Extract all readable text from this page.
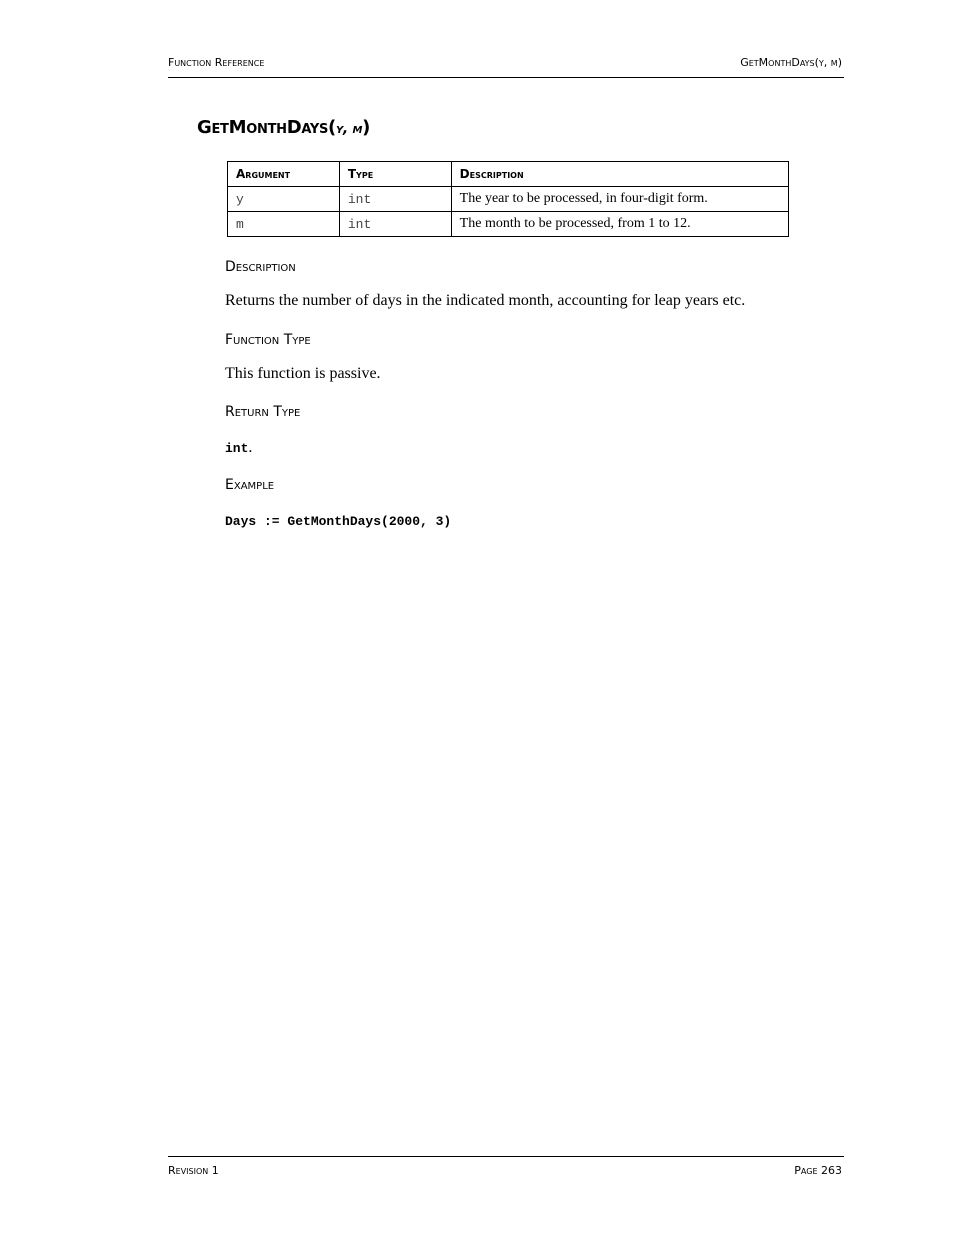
Function Reference	GetMonthDays(y, m)
GetMonthDays(y, m)
Argument	Type	Description
y	int	The year to be processed, in four-digit form.
m	int	The month to be processed, from 1 to 12.
Description
Returns the number of days in the indicated month, accounting for leap years etc.
Function Type
This function is passive.
Return Type
int.
Example
Days := GetMonthDays(2000, 3)
Revision 1	Page 263
